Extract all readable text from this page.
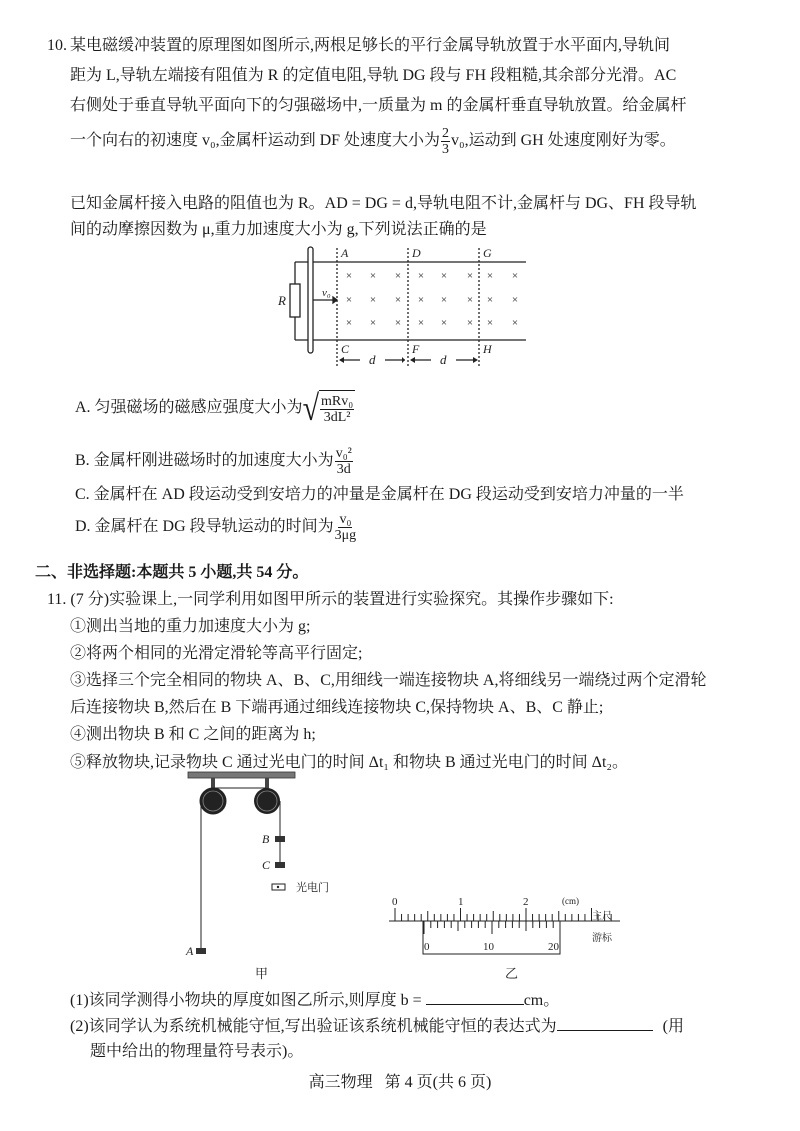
10. 某电磁缓冲装置的原理图如图所示,两根足够长的平行金属导轨放置于水平面内,导轨间
距为 L,导轨左端接有阻值为 R 的定值电阻,导轨 DG 段与 FH 段粗糙,其余部分光滑。AC
右侧处于垂直导轨平面向下的匀强磁场中,一质量为 m 的金属杆垂直导轨放置。给金属杆
一个向右的初速度 v₀,金属杆运动到 DF 处速度大小为 $\frac{2}{3} v_0$,运动到 GH 处速度刚好为零。
已知金属杆接入电路的阻值也为 R。AD = DG = d,导轨电阻不计,金属杆与 DG、FH 段导轨
间的动摩擦因数为 μ,重力加速度大小为 g,下列说法正确的是
×
×
×
×
×
×
×
×
×
×
×
×
×
×
×
×
×
×
×
×
×
×
×
×
A	D	G
C	F	H
R	v₀
d	d
A. 匀强磁场的磁感应强度大小为 √ $\frac{\text{mRv₀}}{\text{3dL²}}$
B. 金属杆刚进磁场时的加速度大小为 $\frac{\text{v₀²}}{3d}$
C. 金属杆在 AD 段运动受到安培力的冲量是金属杆在 DG 段运动受到安培力冲量的一半
D. 金属杆在 DG 段导轨运动的时间为 $\frac{\text{v₀}}{3\mu g}$
二、非选择题:本题共 5 小题,共 54 分。
11. (7 分)实验课上,一同学利用如图甲所示的装置进行实验探究。其操作步骤如下:
①测出当地的重力加速度大小为 g;
②将两个相同的光滑定滑轮等高平行固定;
③选择三个完全相同的物块 A、B、C,用细线一端连接物块 A,将细线另一端绕过两个定滑轮
后连接物块 B,然后在 B 下端再通过细线连接物块 C,保持物块 A、B、C 静止;
④测出物块 B 和 C 之间的距离为 h;
⑤释放物块,记录物块 C 通过光电门的时间 Δt₁ 和物块 B 通过光电门的时间 Δt₂。
A
B
C
光电门
甲
0	1	2	(cm)
主尺
游标
0	10	20
乙
(1)该同学测得小物块的厚度如图乙所示,则厚度 b =	cm。
(2)该同学认为系统机械能守恒,写出验证该系统机械能守恒的表达式为	(用
题中给出的物理量符号表示)。
高三物理   第 4 页(共 6 页)
